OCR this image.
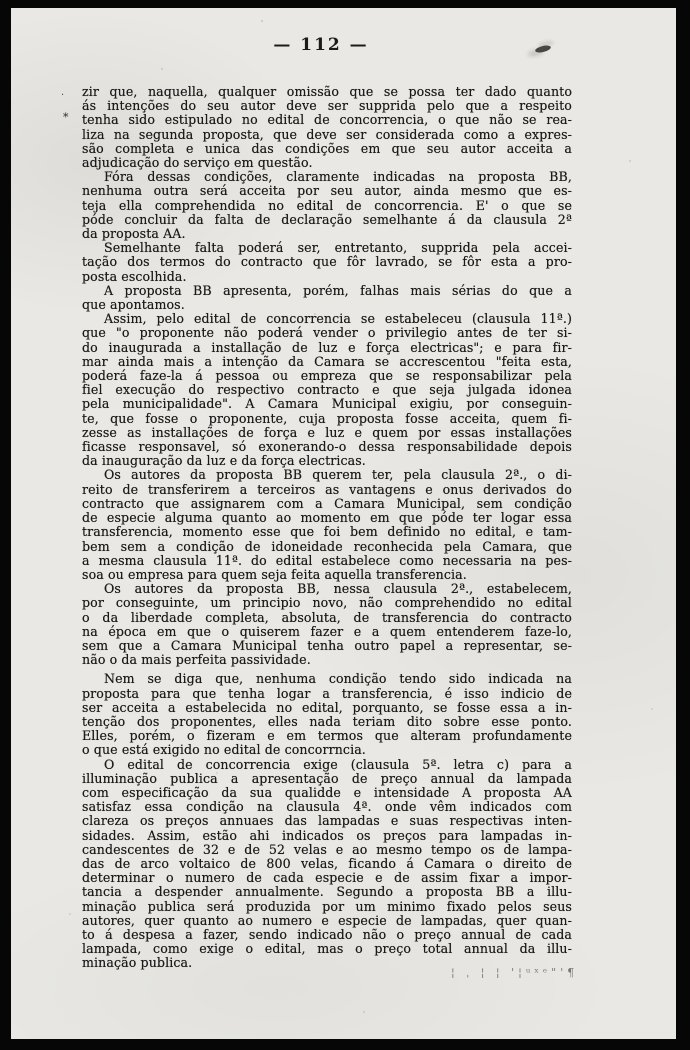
— 112 —
·
⁎
zir que, naquella, qualquer omissão que se possa ter dado quanto
ás intenções do seu autor deve ser supprida pelo que a respeito
tenha sido estipulado no edital de concorrencia, o que não se rea-
liza na segunda proposta, que deve ser considerada como a expres-
são completa e unica das condições em que seu autor acceita a
adjudicação do serviço em questão.
Fóra dessas condições, claramente indicadas na proposta BB,
nenhuma outra será acceita por seu autor, ainda mesmo que es-
teja ella comprehendida no edital de concorrencia. E' o que se
póde concluir da falta de declaração semelhante á da clausula 2ª
da proposta AA.
Semelhante falta poderá ser, entretanto, supprida pela accei-
tação dos termos do contracto que fôr lavrado, se fôr esta a pro-
posta escolhida.
A proposta BB apresenta, porém, falhas mais sérias do que a
que apontamos.
Assim, pelo edital de concorrencia se estabeleceu (clausula 11ª.)
que "o proponente não poderá vender o privilegio antes de ter si-
do inaugurada a installação de luz e força electricas"; e para fir-
mar ainda mais a intenção da Camara se accrescentou "feita esta,
poderá faze-la á pessoa ou empreza que se responsabilizar pela
fiel execução do respectivo contracto e que seja julgada idonea
pela municipalidade". A Camara Municipal exigiu, por conseguin-
te, que fosse o proponente, cuja proposta fosse acceita, quem fi-
zesse as installações de força e luz e quem por essas installações
ficasse responsavel, só exonerando-o dessa responsabilidade depois
da inauguração da luz e da força electricas.
Os autores da proposta BB querem ter, pela clausula 2ª., o di-
reito de transferirem a terceiros as vantagens e onus derivados do
contracto que assignarem com a Camara Municipal, sem condição
de especie alguma quanto ao momento em que póde ter logar essa
transferencia, momento esse que foi bem definido no edital, e tam-
bem sem a condição de idoneidade reconhecida pela Camara, que
a mesma clausula 11ª. do edital estabelece como necessaria na pes-
soa ou empresa para quem seja feita aquella transferencia.
Os autores da proposta BB, nessa clausula 2ª., estabelecem,
por conseguinte, um principio novo, não comprehendido no edital
o da liberdade completa, absoluta, de transferencia do contracto
na época em que o quiserem fazer e a quem entenderem faze-lo,
sem que a Camara Municipal tenha outro papel a representar, se-
não o da mais perfeita passividade.
Nem se diga que, nenhuma condição tendo sido indicada na
proposta para que tenha logar a transferencia, é isso indicio de
ser acceita a estabelecida no edital, porquanto, se fosse essa a in-
tenção dos proponentes, elles nada teriam dito sobre esse ponto.
Elles, porém, o fizeram e em termos que alteram profundamente
o que está exigido no edital de concorrncia.
O edital de concorrencia exige (clausula 5ª. letra c) para a
illuminação publica a apresentação de preço annual da lampada
com especificação da sua qualidde e intensidade A proposta AA
satisfaz essa condição na clausula 4ª. onde vêm indicados com
clareza os preços annuaes das lampadas e suas respectivas inten-
sidades. Assim, estão ahi indicados os preços para lampadas in-
candescentes de 32 e de 52 velas e ao mesmo tempo os de lampa-
das de arco voltaico de 800 velas, ficando á Camara o direito de
determinar o numero de cada especie e de assim fixar a impor-
tancia a despender annualmente. Segundo a proposta BB a illu-
minação publica será produzida por um minimo fixado pelos seus
autores, quer quanto ao numero e especie de lampadas, quer quan-
to á despesa a fazer, sendo indicado não o preço annual de cada
lampada, como exige o edital, mas o preço total annual da illu-
minação publica.
¦ ˌ ¦ ¦ ꞌ¦ᵘˣᵉ"ꞌ¶
